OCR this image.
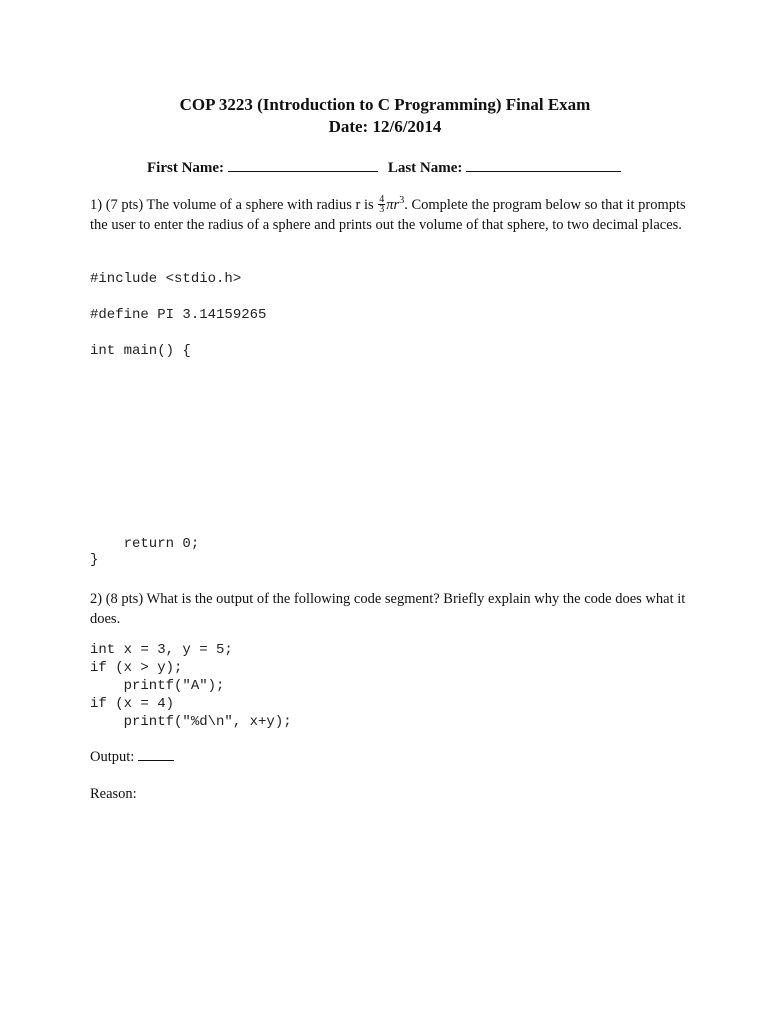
COP 3223 (Introduction to C Programming) Final Exam
Date: 12/6/2014
First Name:	Last Name:
1) (7 pts) The volume of a sphere with radius r is $\frac{4}{3} \pi r^3$. Complete the program below so that it prompts the user to enter the radius of a sphere and prints out the volume of that sphere, to two decimal places.
#include <stdio.h>
#define PI 3.14159265
int main() {
return 0;
}
2) (8 pts) What is the output of the following code segment? Briefly explain why the code does what it does.
int x = 3, y = 5;
if (x > y);
printf("A");
if (x = 4)
printf("%d\n", x+y);
Output:
Reason:
